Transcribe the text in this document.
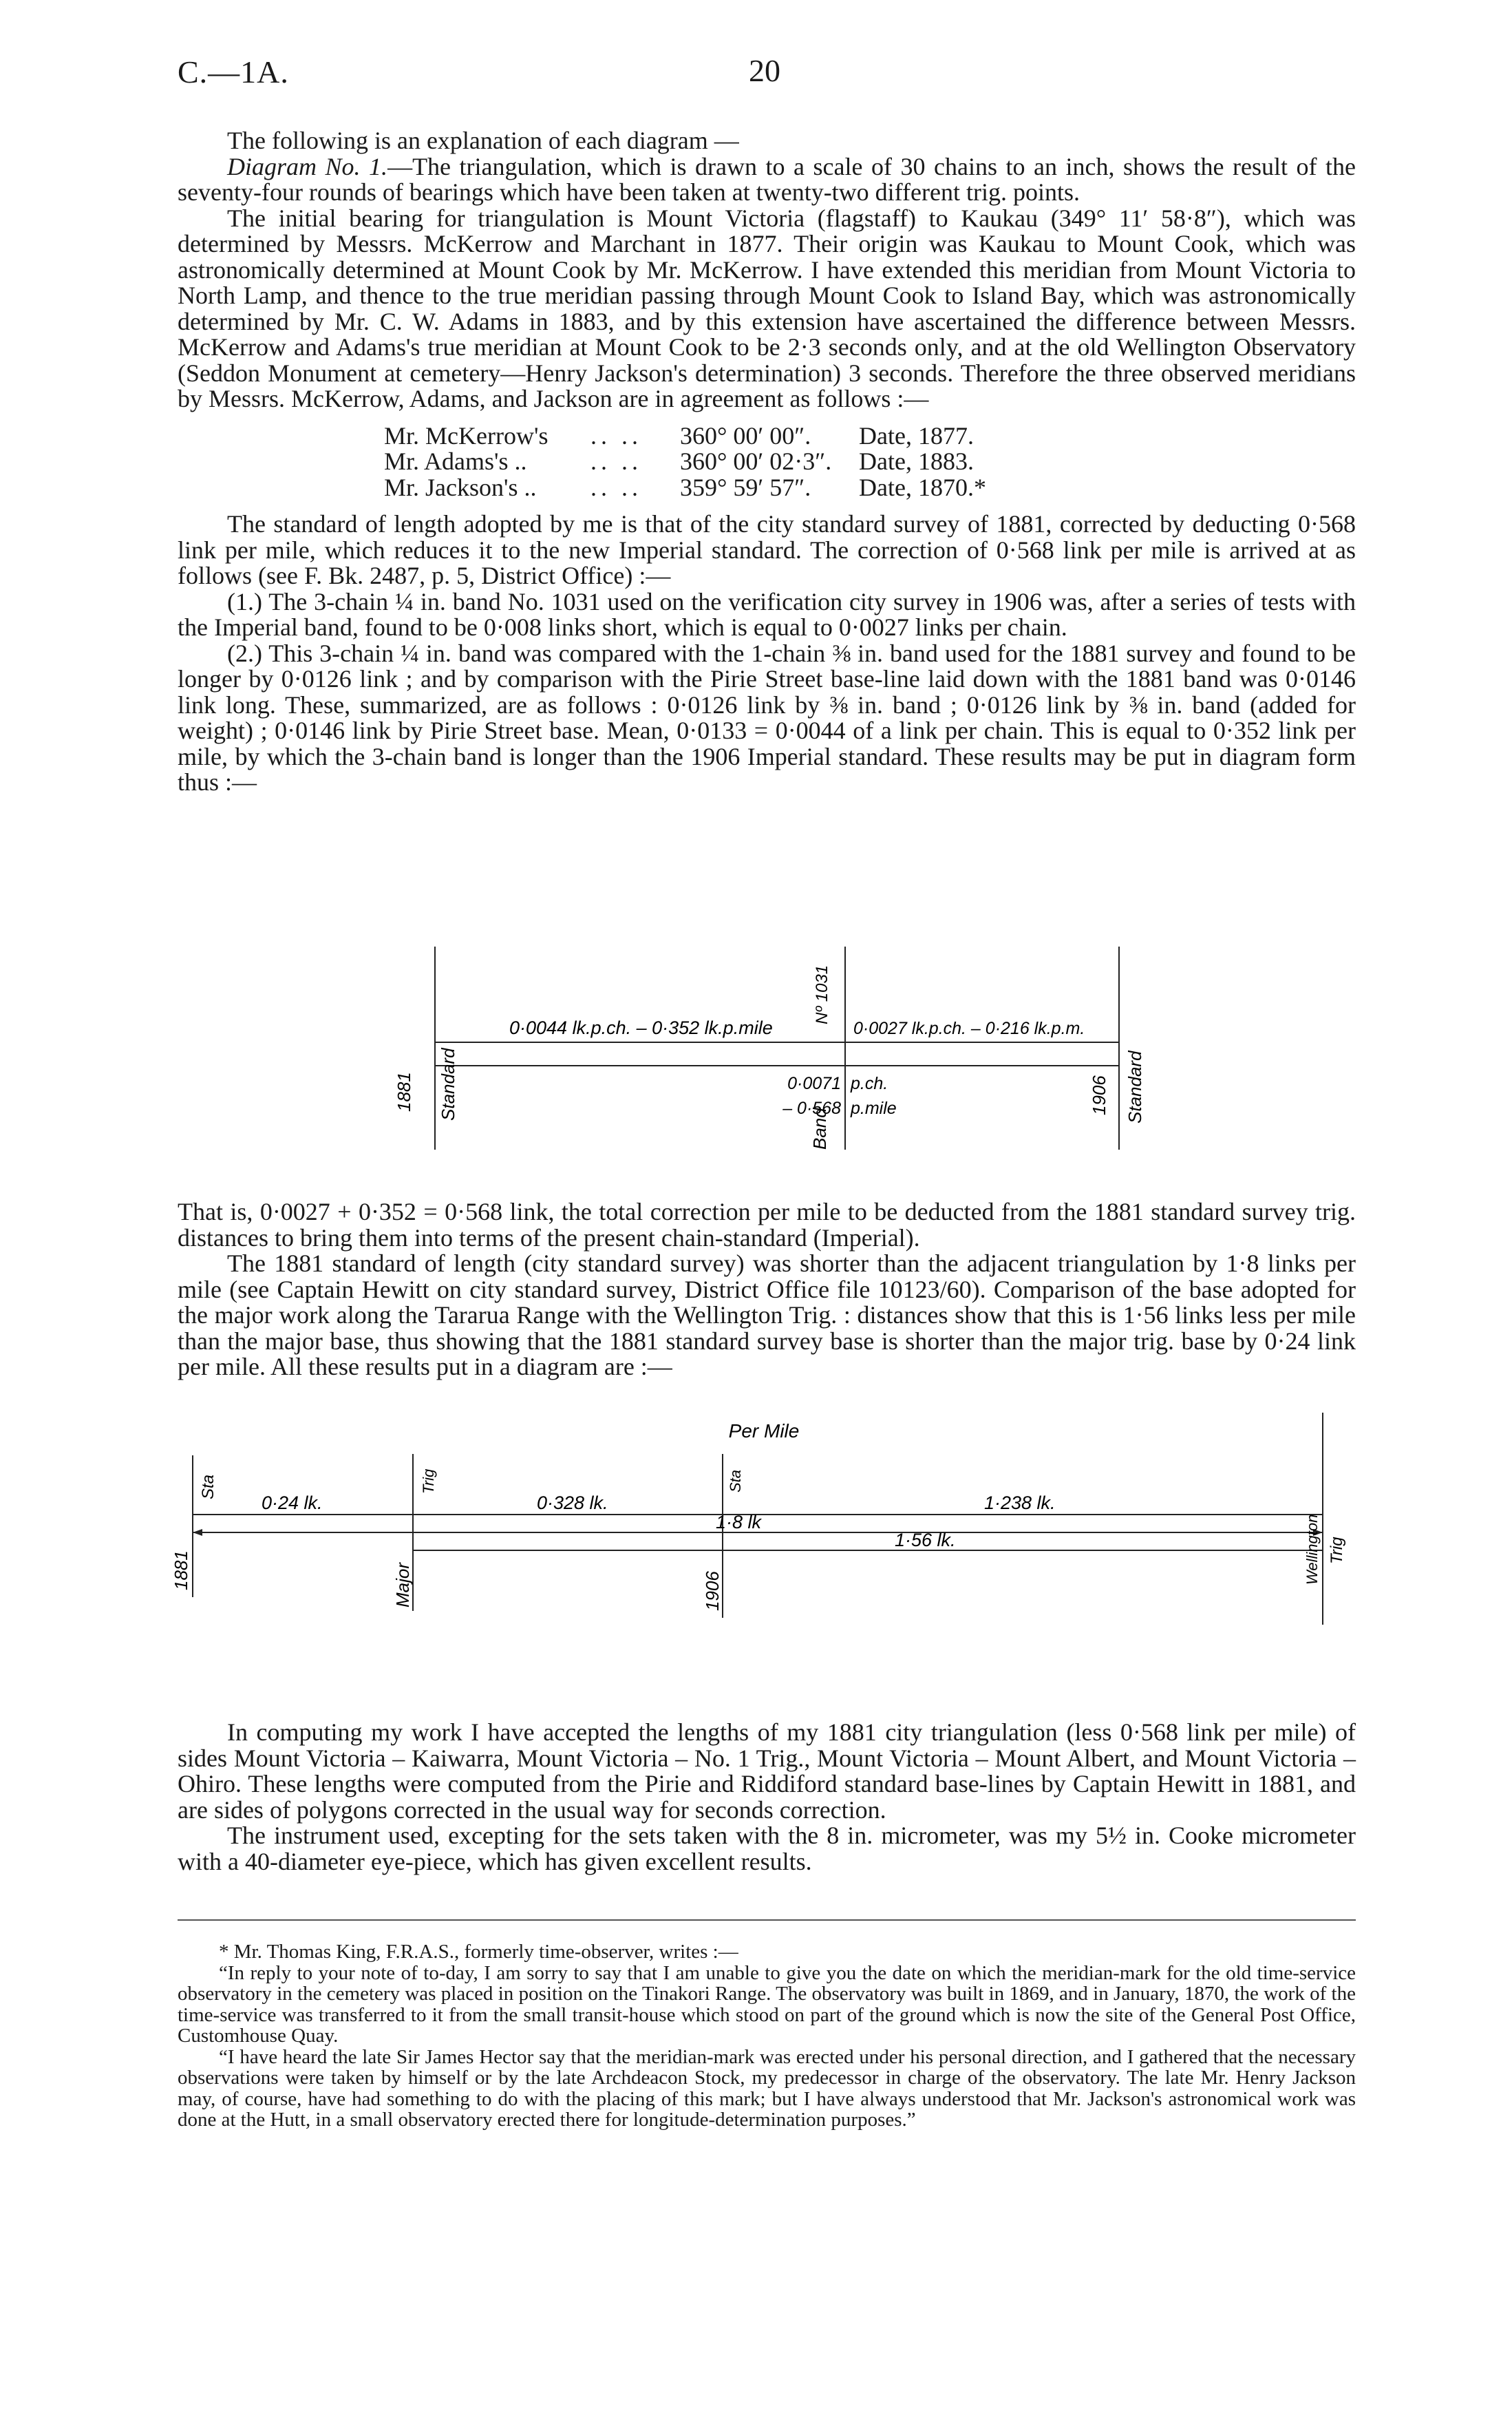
C.—1A.	20

The following is an explanation of each diagram —

Diagram No. 1.—The triangulation, which is drawn to a scale of 30 chains to an inch, shows the result of the seventy-four rounds of bearings which have been taken at twenty-two different trig. points.

The initial bearing for triangulation is Mount Victoria (flagstaff) to Kaukau (349° 11′ 58·8″), which was determined by Messrs. McKerrow and Marchant in 1877. Their origin was Kaukau to Mount Cook, which was astronomically determined at Mount Cook by Mr. McKerrow. I have extended this meridian from Mount Victoria to North Lamp, and thence to the true meridian passing through Mount Cook to Island Bay, which was astronomically determined by Mr. C. W. Adams in 1883, and by this extension have ascertained the difference between Messrs. McKerrow and Adams's true meridian at Mount Cook to be 2·3 seconds only, and at the old Wellington Observatory (Seddon Monument at cemetery—Henry Jackson's determination) 3 seconds. Therefore the three observed meridians by Messrs. McKerrow, Adams, and Jackson are in agreement as follows :—

Mr. McKerrow's	.. ..	360° 00′ 00″.	Date, 1877.
Mr. Adams's ..	.. ..	360° 00′ 02·3″.	Date, 1883.
Mr. Jackson's ..	.. ..	359° 59′ 57″.	Date, 1870.*

The standard of length adopted by me is that of the city standard survey of 1881, corrected by deducting 0·568 link per mile, which reduces it to the new Imperial standard. The correction of 0·568 link per mile is arrived at as follows (see F. Bk. 2487, p. 5, District Office) :—

(1.) The 3-chain ¼ in. band No. 1031 used on the verification city survey in 1906 was, after a series of tests with the Imperial band, found to be 0·008 links short, which is equal to 0·0027 links per chain.

(2.) This 3-chain ¼ in. band was compared with the 1-chain ⅜ in. band used for the 1881 survey and found to be longer by 0·0126 link ; and by comparison with the Pirie Street base-line laid down with the 1881 band was 0·0146 link long. These, summarized, are as follows : 0·0126 link by ⅜ in. band ; 0·0126 link by ⅜ in. band (added for weight) ; 0·0146 link by Pirie Street base. Mean, 0·0133 = 0·0044 of a link per chain. This is equal to 0·352 link per mile, by which the 3-chain band is longer than the 1906 Imperial standard. These results may be put in diagram form thus :—

0·0044 lk.p.ch. – 0·352 lk.p.mile	0·0027 lk.p.ch. – 0·216 lk.p.m.
0·0071 p.ch.
– 0·568 p.mile
1881 Standard
Nº 1031
Band
1906 Standard

That is, 0·0027 + 0·352 = 0·568 link, the total correction per mile to be deducted from the 1881 standard survey trig. distances to bring them into terms of the present chain-standard (Imperial).

The 1881 standard of length (city standard survey) was shorter than the adjacent triangulation by 1·8 links per mile (see Captain Hewitt on city standard survey, District Office file 10123/60). Comparison of the base adopted for the major work along the Tararua Range with the Wellington Trig. : distances show that this is 1·56 links less per mile than the major base, thus showing that the 1881 standard survey base is shorter than the major trig. base by 0·24 link per mile. All these results put in a diagram are :—

Per Mile
0·24 lk.	0·328 lk.	1·238 lk.
1·8 lk
1·56 lk.
Sta
1881
Trig
Major
Sta
1906
Wellington Trig

In computing my work I have accepted the lengths of my 1881 city triangulation (less 0·568 link per mile) of sides Mount Victoria – Kaiwarra, Mount Victoria – No. 1 Trig., Mount Victoria – Mount Albert, and Mount Victoria – Ohiro. These lengths were computed from the Pirie and Riddiford standard base-lines by Captain Hewitt in 1881, and are sides of polygons corrected in the usual way for seconds correction.

The instrument used, excepting for the sets taken with the 8 in. micrometer, was my 5½ in. Cooke micrometer with a 40-diameter eye-piece, which has given excellent results.

* Mr. Thomas King, F.R.A.S., formerly time-observer, writes :—

“In reply to your note of to-day, I am sorry to say that I am unable to give you the date on which the meridian-mark for the old time-service observatory in the cemetery was placed in position on the Tinakori Range. The observatory was built in 1869, and in January, 1870, the work of the time-service was transferred to it from the small transit-house which stood on part of the ground which is now the site of the General Post Office, Customhouse Quay.

“I have heard the late Sir James Hector say that the meridian-mark was erected under his personal direction, and I gathered that the necessary observations were taken by himself or by the late Archdeacon Stock, my predecessor in charge of the observatory. The late Mr. Henry Jackson may, of course, have had something to do with the placing of this mark; but I have always understood that Mr. Jackson's astronomical work was done at the Hutt, in a small observatory erected there for longitude-determination purposes.”
